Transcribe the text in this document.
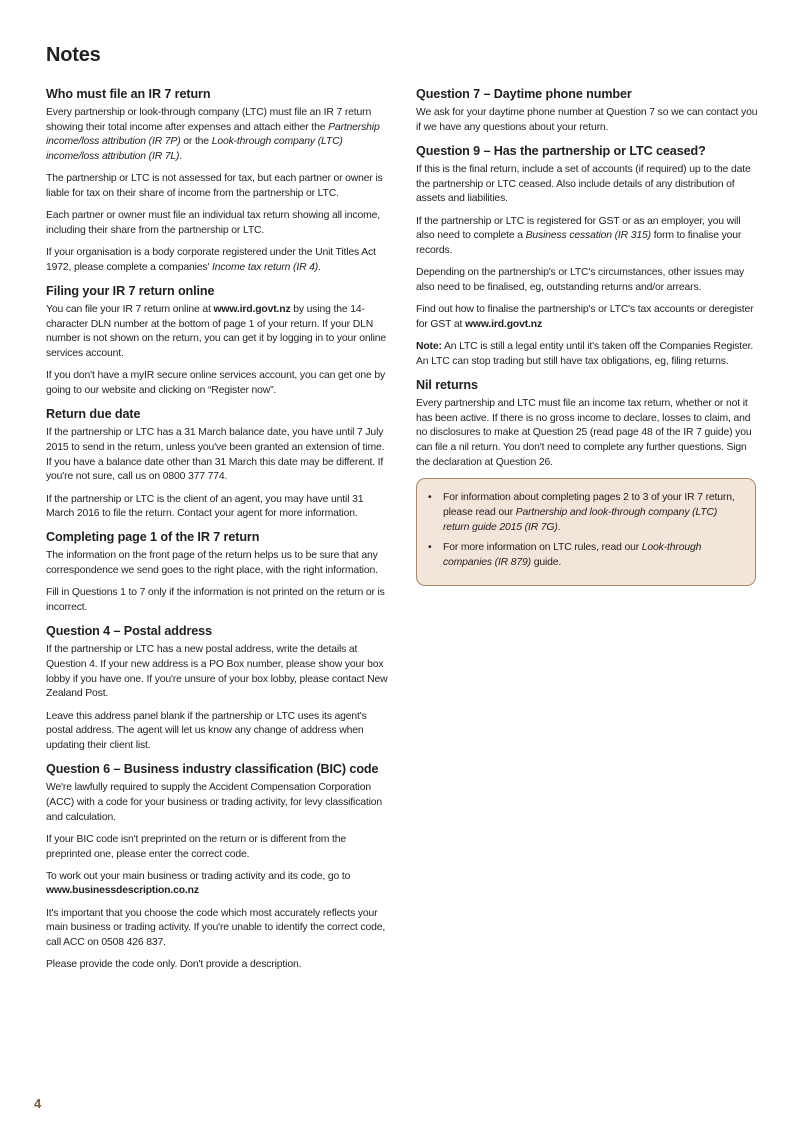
Notes
Who must file an IR 7 return

Every partnership or look-through company (LTC) must file an IR 7 return showing their total income after expenses and attach either the Partnership income/loss attribution (IR 7P) or the Look-through company (LTC) income/loss attribution (IR 7L).

The partnership or LTC is not assessed for tax, but each partner or owner is liable for tax on their share of income from the partnership or LTC.

Each partner or owner must file an individual tax return showing all income, including their share from the partnership or LTC.

If your organisation is a body corporate registered under the Unit Titles Act 1972, please complete a companies' Income tax return (IR 4).

Filing your IR 7 return online

You can file your IR 7 return online at www.ird.govt.nz by using the 14-character DLN number at the bottom of page 1 of your return. If your DLN number is not shown on the return, you can get it by logging in to your online services account.

If you don't have a myIR secure online services account, you can get one by going to our website and clicking on “Register now”.

Return due date

If the partnership or LTC has a 31 March balance date, you have until 7 July 2015 to send in the return, unless you've been granted an extension of time. If you have a balance date other than 31 March this date may be different. If you're not sure, call us on 0800 377 774.

If the partnership or LTC is the client of an agent, you may have until 31 March 2016 to file the return. Contact your agent for more information.

Completing page 1 of the IR 7 return

The information on the front page of the return helps us to be sure that any correspondence we send goes to the right place, with the right information.

Fill in Questions 1 to 7 only if the information is not printed on the return or is incorrect.

Question 4 – Postal address

If the partnership or LTC has a new postal address, write the details at Question 4. If your new address is a PO Box number, please show your box lobby if you have one. If you're unsure of your box lobby, please contact New Zealand Post.

Leave this address panel blank if the partnership or LTC uses its agent's postal address. The agent will let us know any change of address when updating their client list.

Question 6 – Business industry classification (BIC) code

We're lawfully required to supply the Accident Compensation Corporation (ACC) with a code for your business or trading activity, for levy classification and calculation.

If your BIC code isn't preprinted on the return or is different from the preprinted one, please enter the correct code.

To work out your main business or trading activity and its code, go to www.businessdescription.co.nz

It's important that you choose the code which most accurately reflects your main business or trading activity. If you're unable to identify the correct code, call ACC on 0508 426 837.

Please provide the code only. Don't provide a description.

Question 7 – Daytime phone number

We ask for your daytime phone number at Question 7 so we can contact you if we have any questions about your return.

Question 9 – Has the partnership or LTC ceased?

If this is the final return, include a set of accounts (if required) up to the date the partnership or LTC ceased. Also include details of any distribution of assets and liabilities.

If the partnership or LTC is registered for GST or as an employer, you will also need to complete a Business cessation (IR 315) form to finalise your records.

Depending on the partnership's or LTC's circumstances, other issues may also need to be finalised, eg, outstanding returns and/or arrears.

Find out how to finalise the partnership's or LTC's tax accounts or deregister for GST at www.ird.govt.nz

Note: An LTC is still a legal entity until it's taken off the Companies Register. An LTC can stop trading but still have tax obligations, eg, filing returns.

Nil returns

Every partnership and LTC must file an income tax return, whether or not it has been active. If there is no gross income to declare, losses to claim, and no disclosures to make at Question 25 (read page 48 of the IR 7 guide) you can file a nil return. You don't need to complete any further questions. Sign the declaration at Question 26.

• For information about completing pages 2 to 3 of your IR 7 return, please read our Partnership and look-through company (LTC) return guide 2015 (IR 7G).
• For more information on LTC rules, read our Look-through companies (IR 879) guide.
4
